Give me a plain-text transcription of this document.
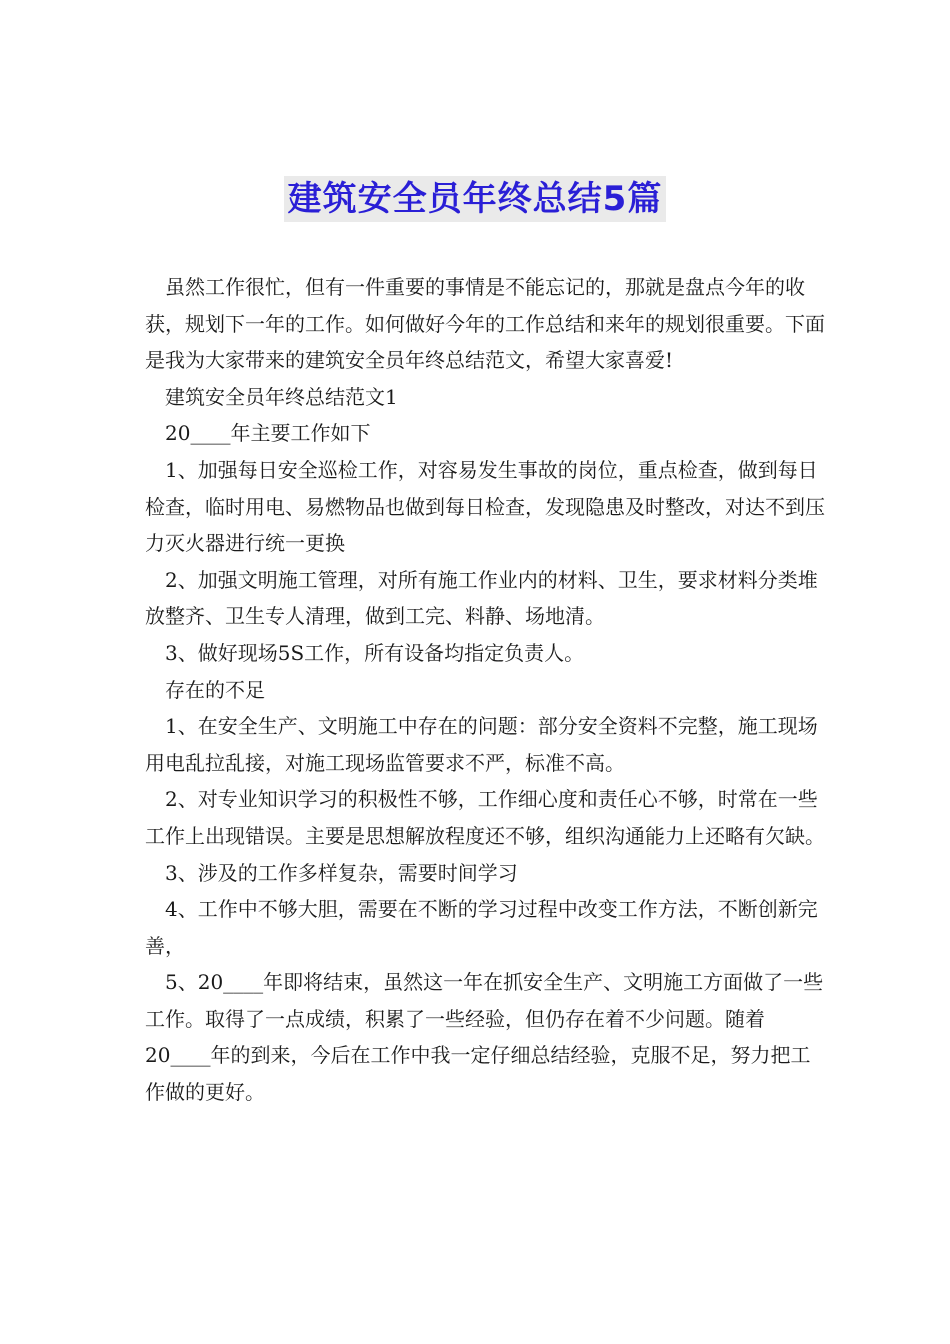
建筑安全员年终总结5篇

虽然工作很忙，但有一件重要的事情是不能忘记的，那就是盘点今年的收获，规划下一年的工作。如何做好今年的工作总结和来年的规划很重要。下面是我为大家带来的建筑安全员年终总结范文，希望大家喜爱!

建筑安全员年终总结范文1

20____年主要工作如下

1、加强每日安全巡检工作，对容易发生事故的岗位，重点检查，做到每日检查，临时用电、易燃物品也做到每日检查，发现隐患及时整改，对达不到压力灭火器进行统一更换

2、加强文明施工管理，对所有施工作业内的材料、卫生，要求材料分类堆放整齐、卫生专人清理，做到工完、料静、场地清。

3、做好现场5S工作，所有设备均指定负责人。

存在的不足

1、在安全生产、文明施工中存在的问题：部分安全资料不完整，施工现场用电乱拉乱接，对施工现场监管要求不严，标准不高。

2、对专业知识学习的积极性不够，工作细心度和责任心不够，时常在一些工作上出现错误。主要是思想解放程度还不够，组织沟通能力上还略有欠缺。

3、涉及的工作多样复杂，需要时间学习

4、工作中不够大胆，需要在不断的学习过程中改变工作方法，不断创新完善，

5、20____年即将结束，虽然这一年在抓安全生产、文明施工方面做了一些工作。取得了一点成绩，积累了一些经验，但仍存在着不少问题。随着20____年的到来，今后在工作中我一定仔细总结经验，克服不足，努力把工作做的更好。
